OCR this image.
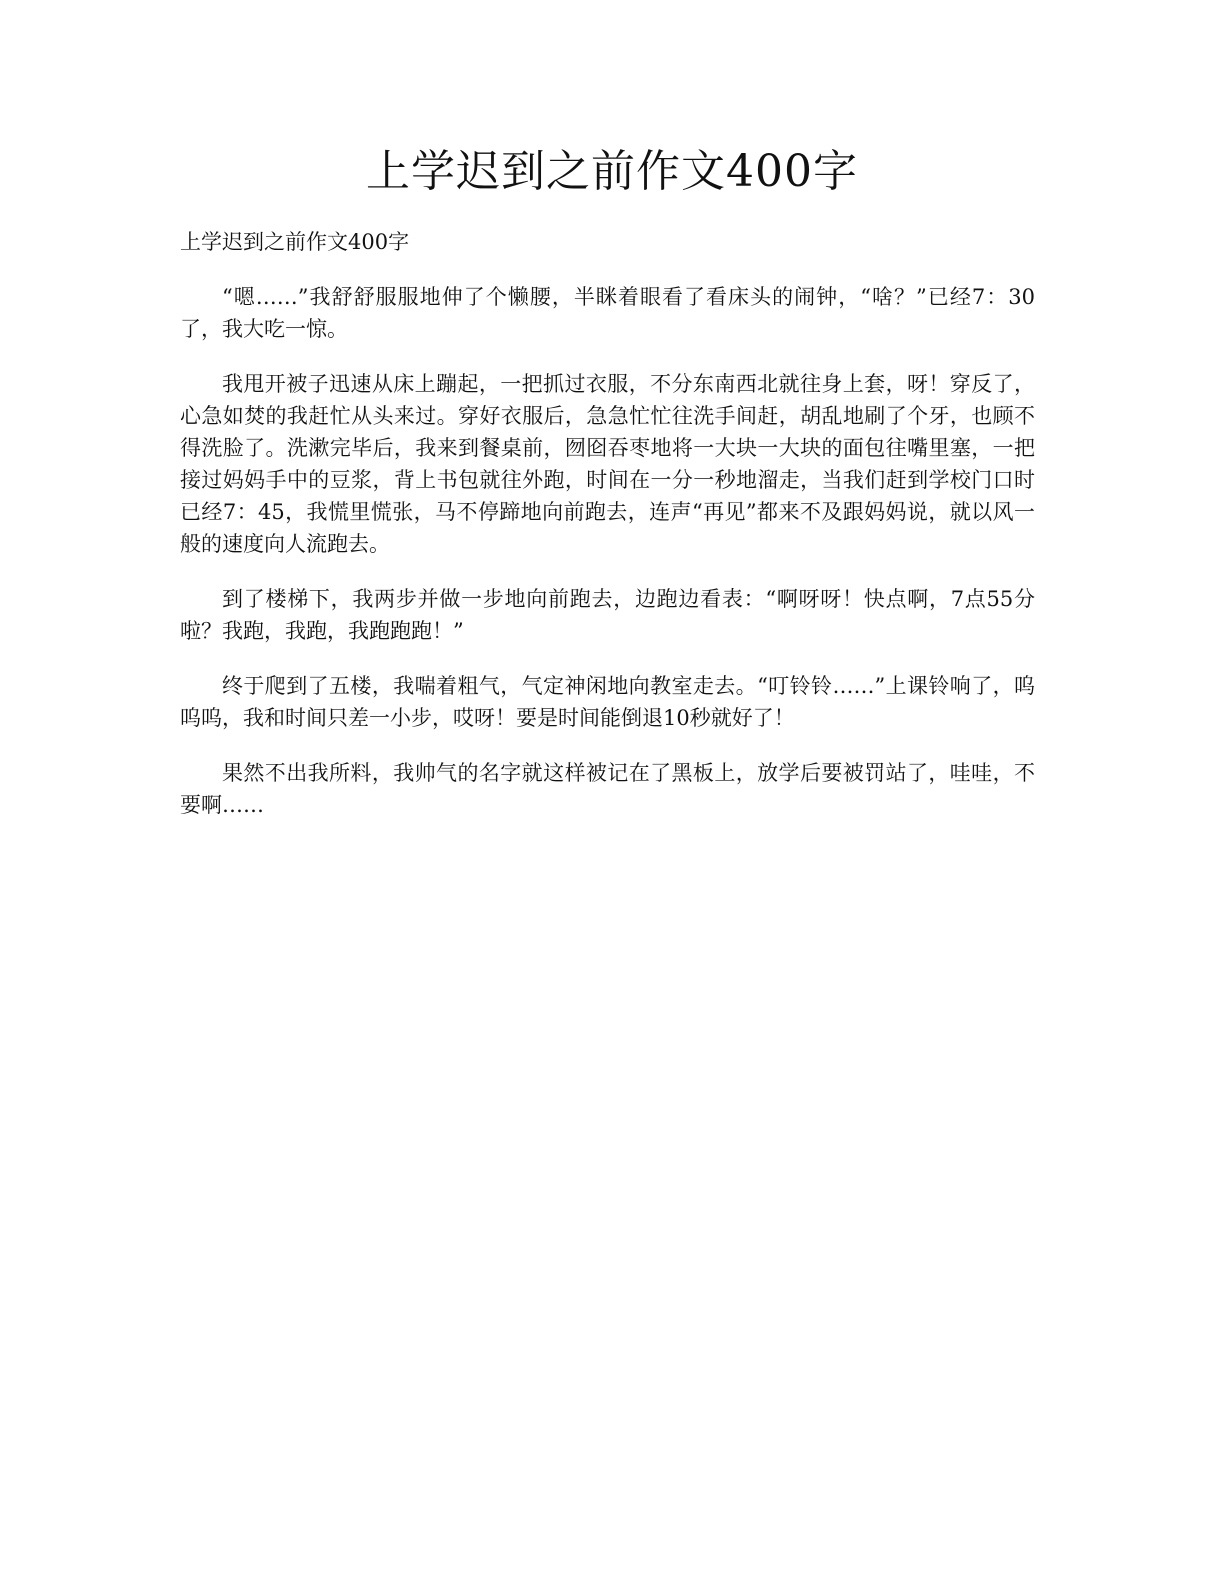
上学迟到之前作文400字

上学迟到之前作文400字

“嗯……”我舒舒服服地伸了个懒腰，半眯着眼看了看床头的闹钟，“啥？”已经7：30了，我大吃一惊。

我甩开被子迅速从床上蹦起，一把抓过衣服，不分东南西北就往身上套，呀！穿反了，心急如焚的我赶忙从头来过。穿好衣服后，急急忙忙往洗手间赶，胡乱地刷了个牙，也顾不得洗脸了。洗漱完毕后，我来到餐桌前，囫囵吞枣地将一大块一大块的面包往嘴里塞，一把接过妈妈手中的豆浆，背上书包就往外跑，时间在一分一秒地溜走，当我们赶到学校门口时已经7：45，我慌里慌张，马不停蹄地向前跑去，连声“再见”都来不及跟妈妈说，就以风一般的速度向人流跑去。

到了楼梯下，我两步并做一步地向前跑去，边跑边看表：“啊呀呀！快点啊，7点55分啦？我跑，我跑，我跑跑跑！”

终于爬到了五楼，我喘着粗气，气定神闲地向教室走去。“叮铃铃……”上课铃响了，呜呜呜，我和时间只差一小步，哎呀！要是时间能倒退10秒就好了！

果然不出我所料，我帅气的名字就这样被记在了黑板上，放学后要被罚站了，哇哇，不要啊……
